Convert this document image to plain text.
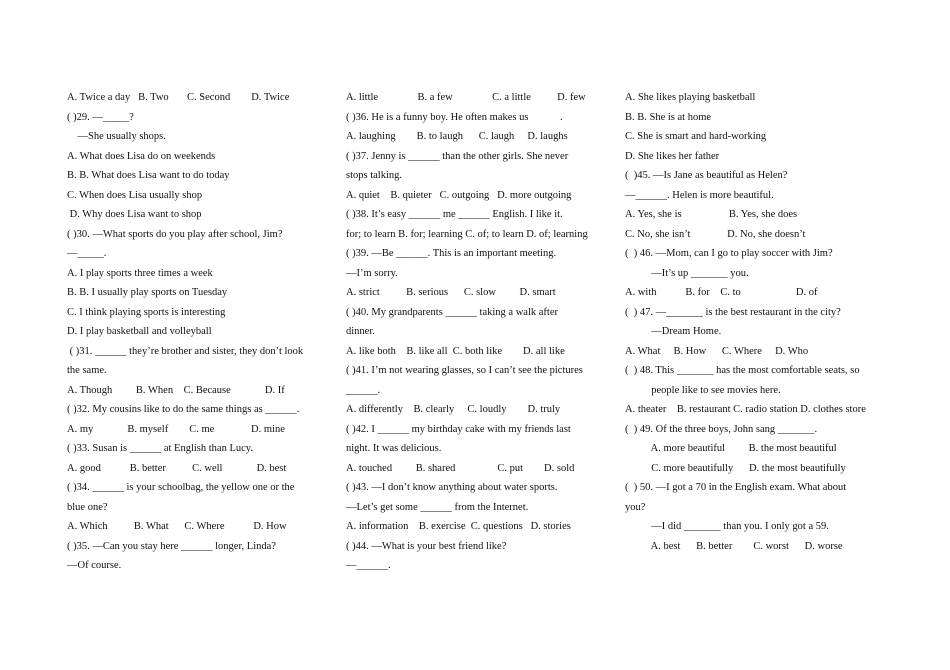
A. Twice a day   B. Two       C. Second        D. Twice
( )29. —_____?
—She usually shops.
A. What does Lisa do on weekends
B. B. What does Lisa want to do today
C. When does Lisa usually shop
D. Why does Lisa want to shop
( )30. —What sports do you play after school, Jim?
—_____.
A. I play sports three times a week
B. B. I usually play sports on Tuesday
C. I think playing sports is interesting
D. I play basketball and volleyball
( )31. ______ they’re brother and sister, they don’t look
the same.
A. Though         B. When    C. Because             D. If
( )32. My cousins like to do the same things as ______.
A. my             B. myself        C. me              D. mine
( )33. Susan is ______ at English than Lucy.
A. good           B. better          C. well             D. best
( )34. ______ is your schoolbag, the yellow one or the
blue one?
A. Which          B. What      C. Where           D. How
( )35. —Can you stay here ______ longer, Linda?
—Of course.
A. little               B. a few               C. a little          D. few
( )36. He is a funny boy. He often makes us            .
A. laughing        B. to laugh      C. laugh     D. laughs
( )37. Jenny is ______ than the other girls. She never
stops talking.
A. quiet    B. quieter   C. outgoing   D. more outgoing
( )38. It’s easy ______ me ______ English. I like it.
for; to learn B. for; learning C. of; to learn D. of; learning
( )39. —Be ______. This is an important meeting.
—I’m sorry.
A. strict          B. serious      C. slow         D. smart
( )40. My grandparents ______ taking a walk after
dinner.
A. like both    B. like all  C. both like        D. all like
( )41. I’m not wearing glasses, so I can’t see the pictures
______.
A. differently    B. clearly     C. loudly        D. truly
( )42. I ______ my birthday cake with my friends last
night. It was delicious.
A. touched         B. shared                C. put        D. sold
( )43. —I don’t know anything about water sports.
—Let’s get some ______ from the Internet.
A. information    B. exercise  C. questions   D. stories
( )44. —What is your best friend like?
—______.
A. She likes playing basketball
B. B. She is at home
C. She is smart and hard-working
D. She likes her father
(  )45. —Is Jane as beautiful as Helen?
—______. Helen is more beautiful.
A. Yes, she is                  B. Yes, she does
C. No, she isn’t              D. No, she doesn’t
(  ) 46. —Mom, can I go to play soccer with Jim?
—It’s up _______ you.
A. with           B. for    C. to                     D. of
(  ) 47. —_______ is the best restaurant in the city?
—Dream Home.
A. What     B. How      C. Where     D. Who
(  ) 48. This _______ has the most comfortable seats, so
people like to see movies here.
A. theater    B. restaurant C. radio station D. clothes store
(  ) 49. Of the three boys, John sang _______.
A. more beautiful         B. the most beautiful
C. more beautifully      D. the most beautifully
(  ) 50. —I got a 70 in the English exam. What about
you?
—I did _______ than you. I only got a 59.
A. best      B. better        C. worst      D. worse
